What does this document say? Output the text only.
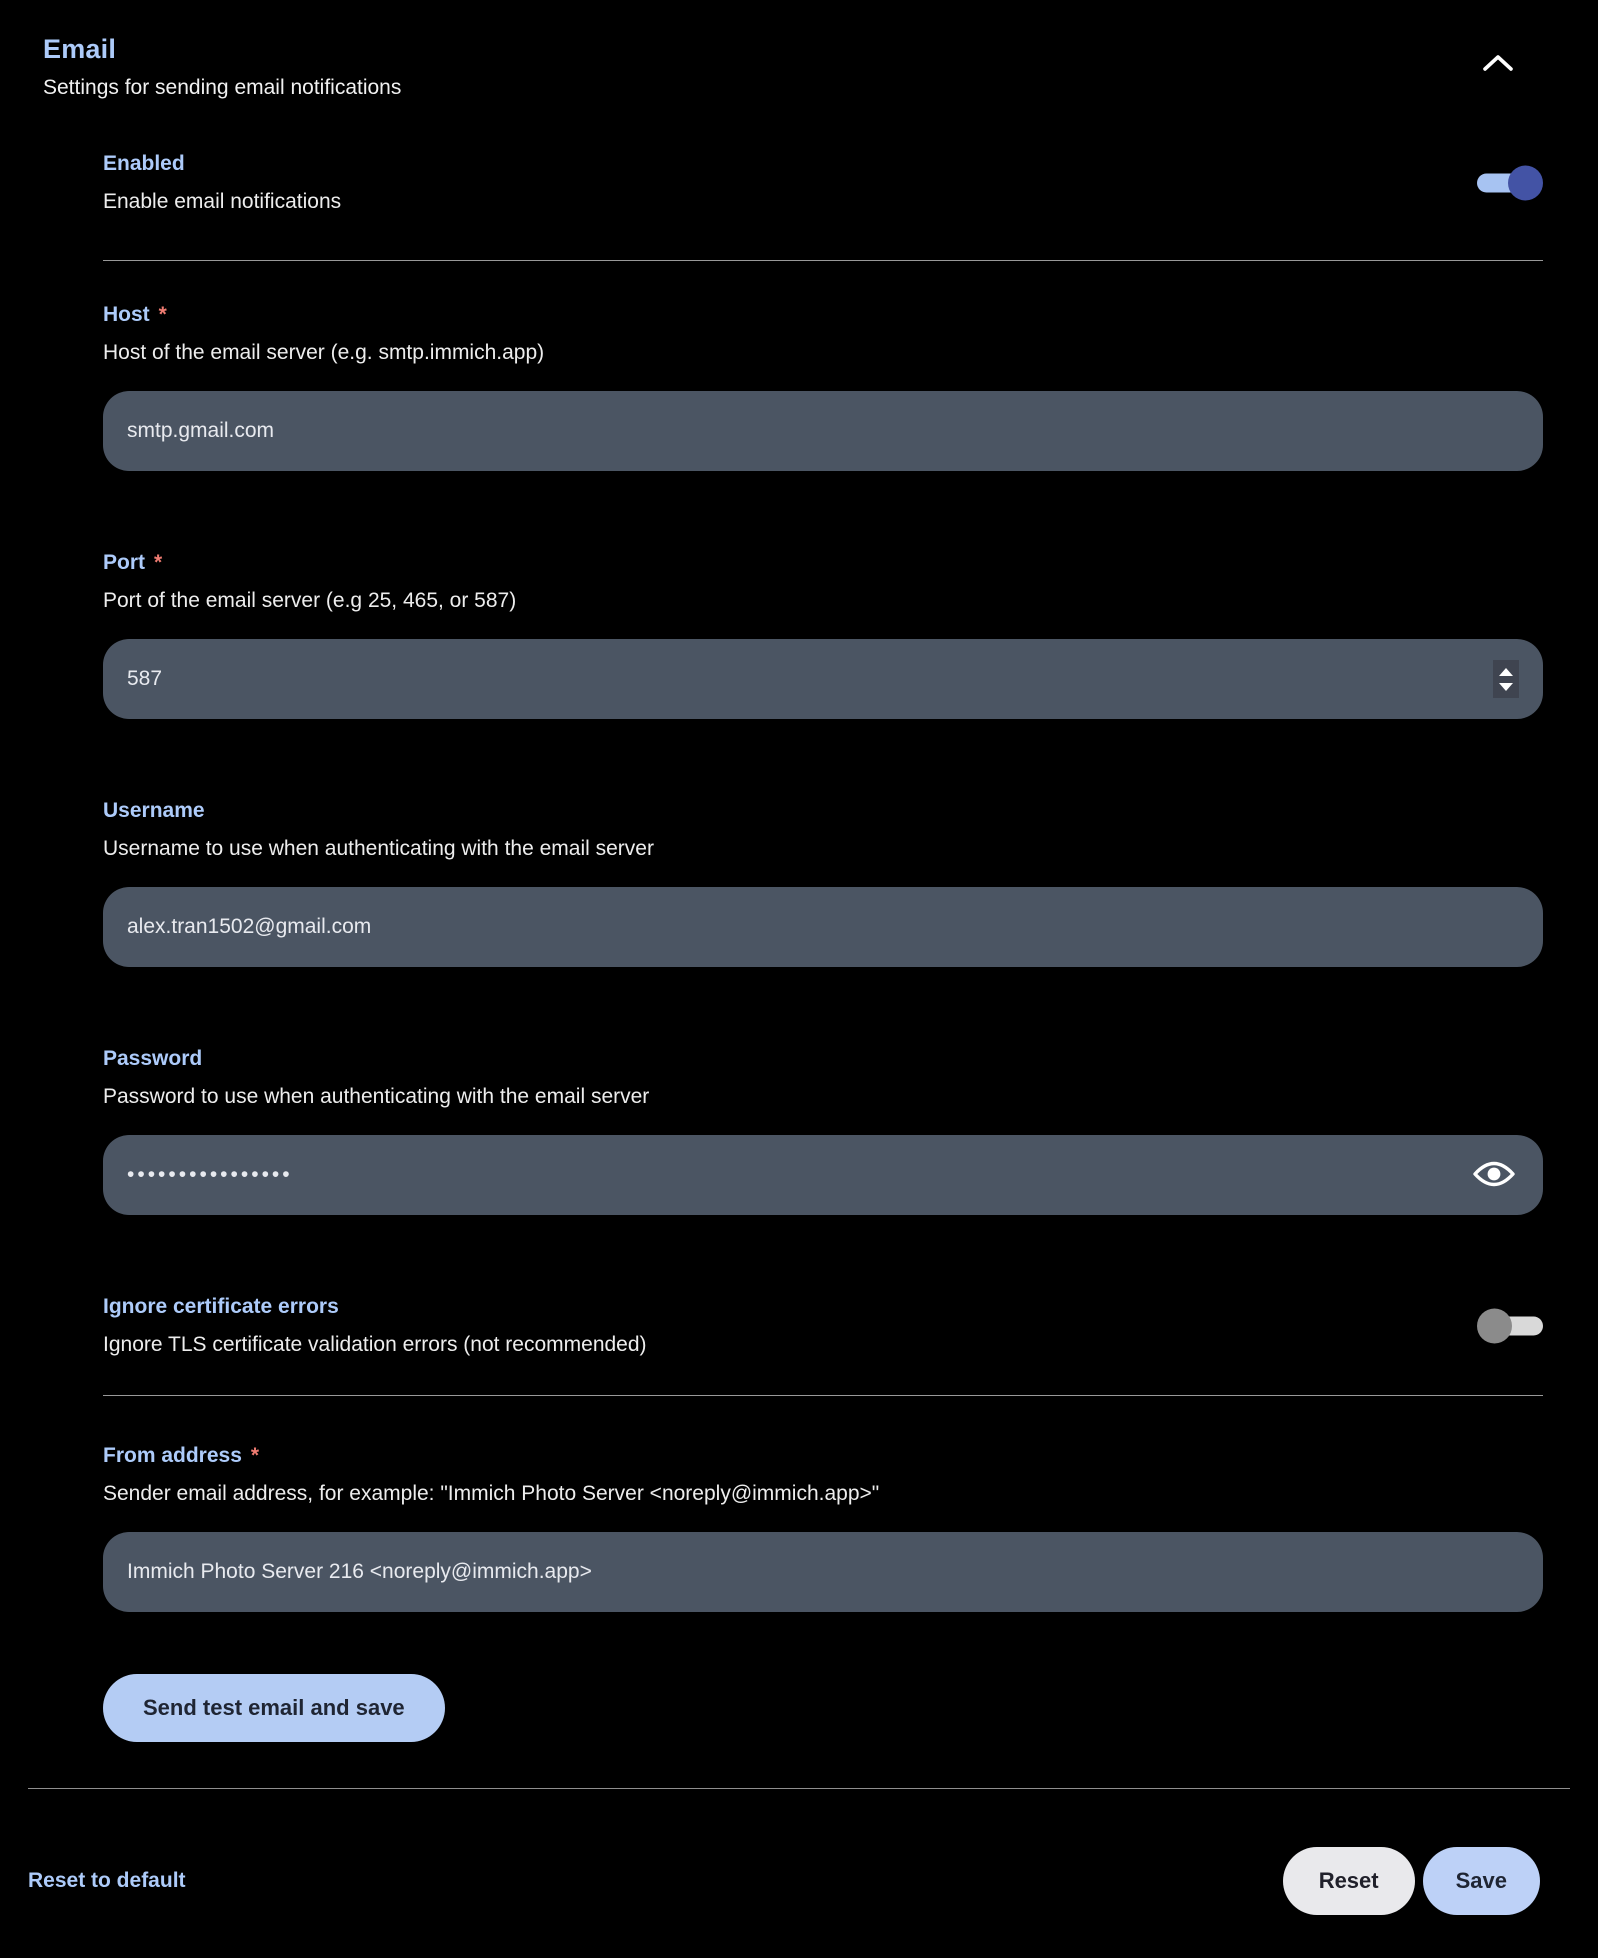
Email
Settings for sending email notifications
Enabled
Enable email notifications
Host *
Host of the email server (e.g. smtp.immich.app)
smtp.gmail.com
Port *
Port of the email server (e.g 25, 465, or 587)
587
Username
Username to use when authenticating with the email server
alex.tran1502@gmail.com
Password
Password to use when authenticating with the email server
••••••••••••••••
Ignore certificate errors
Ignore TLS certificate validation errors (not recommended)
From address *
Sender email address, for example: "Immich Photo Server <noreply@immich.app>"
Immich Photo Server 216 <noreply@immich.app>
Send test email and save
Reset to default	Reset	Save
